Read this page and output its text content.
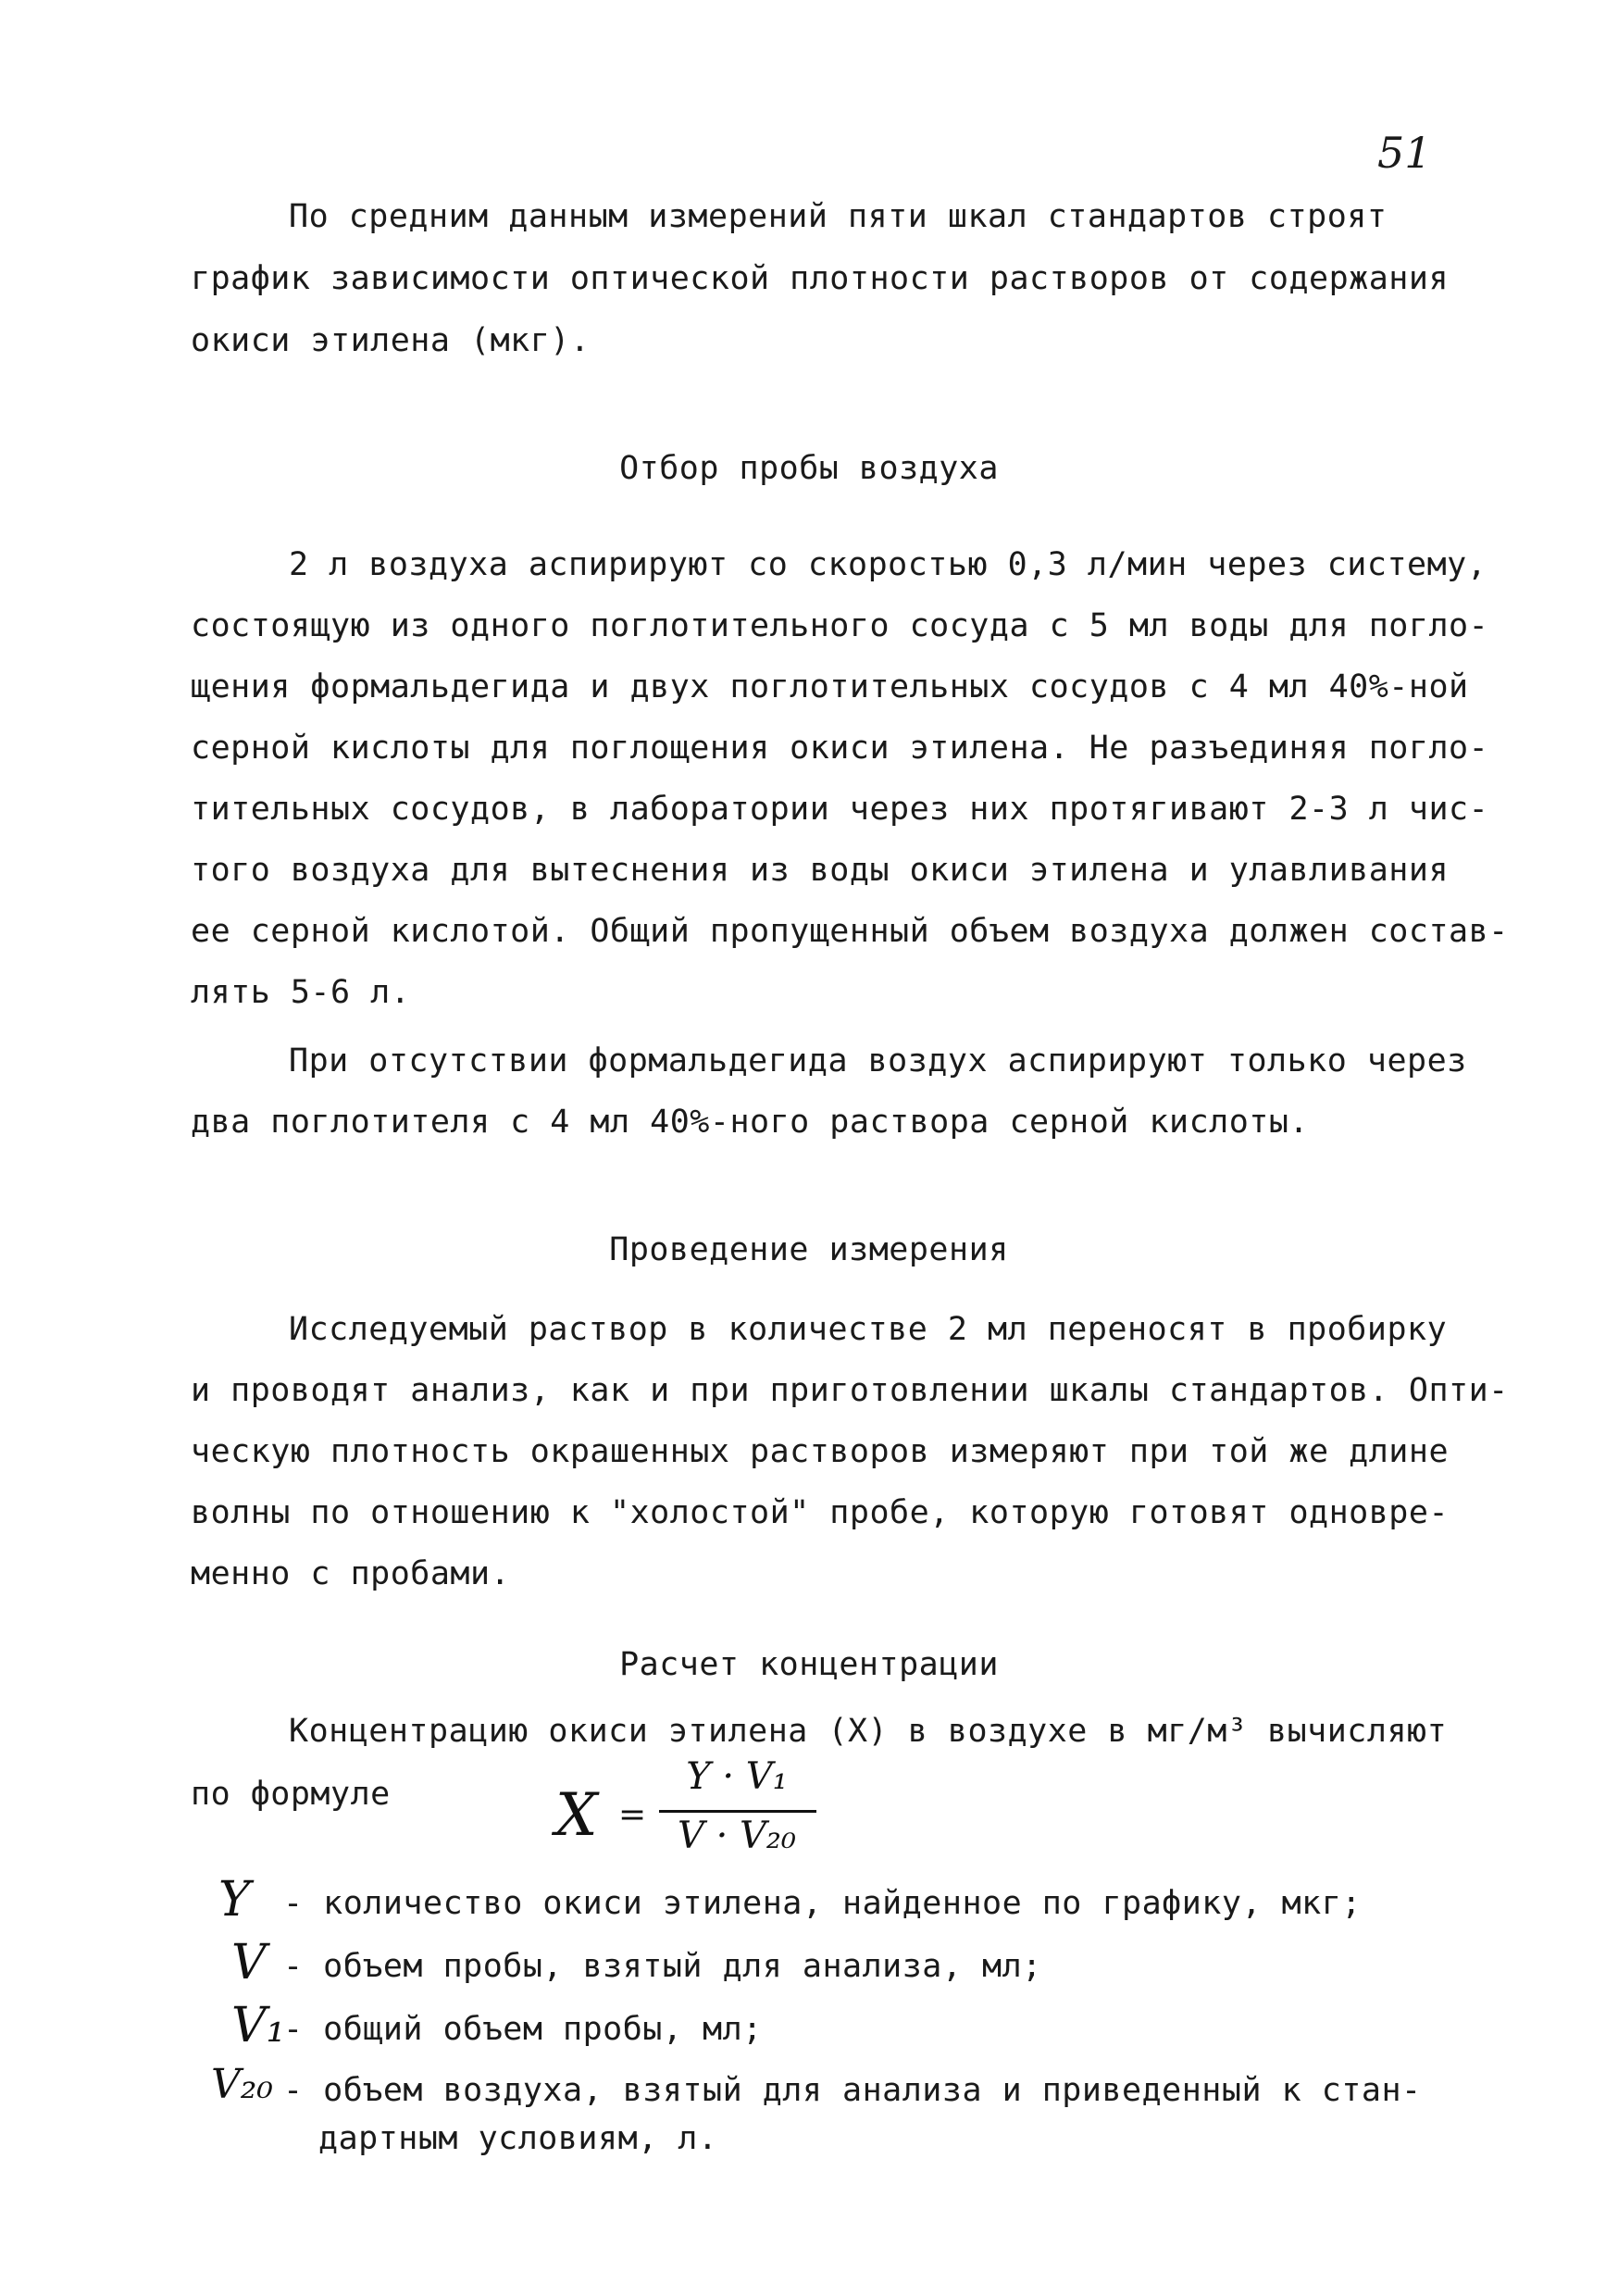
51
По средним данным измерений пяти шкал стандартов строят
график зависимости оптической плотности растворов от содержания
окиси этилена (мкг).
Отбор пробы воздуха
2 л воздуха аспирируют со скоростью 0,3 л/мин через систему,
состоящую из одного поглотительного сосуда с 5 мл воды для погло-
щения формальдегида и двух поглотительных сосудов с 4 мл 40%-ной
серной кислоты для поглощения окиси этилена. Не разъединяя погло-
тительных сосудов, в лаборатории через них протягивают 2-3 л чис-
того воздуха для вытеснения из воды окиси этилена и улавливания
ее серной кислотой. Общий пропущенный объем воздуха должен состав-
лять 5-6 л.
При отсутствии формальдегида воздух аспирируют только через
два поглотителя с 4 мл 40%-ного раствора серной кислоты.
Проведение измерения
Исследуемый раствор в количестве 2 мл переносят в пробирку
и проводят анализ, как и при приготовлении шкалы стандартов. Опти-
ческую плотность окрашенных растворов измеряют при той же длине
волны по отношению к "холостой" пробе, которую готовят одновре-
менно с пробами.
Расчет концентрации
Концентрацию окиси этилена (X) в воздухе в мг/м³ вычисляют
по формуле	X =
Y · V₁
V · V₂₀
Y - количество окиси этилена, найденное по графику, мкг;
V - объем пробы, взятый для анализа, мл;
V₁
- общий объем пробы, мл;
V₂₀ - объем воздуха, взятый для анализа и приведенный к стан-
дартным условиям, л.
